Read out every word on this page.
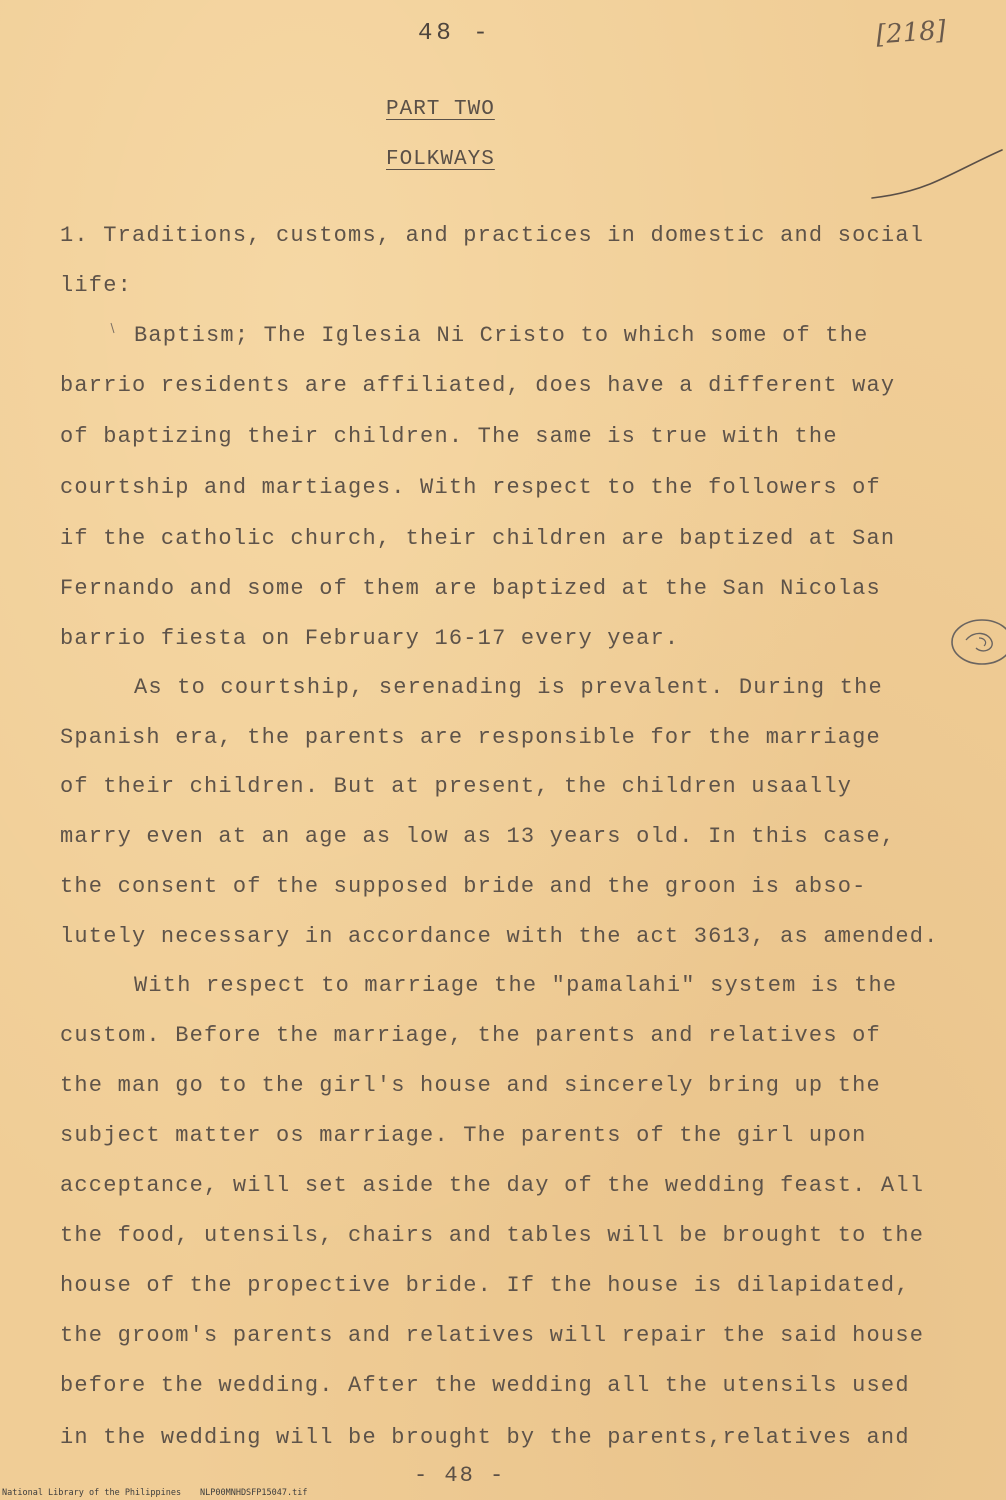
48 -	[218]
PART TWO
FOLKWAYS
1. Traditions, customs, and practices in domestic and social
life:
Baptism; The Iglesia Ni Cristo to which some of the
barrio residents are affiliated, does have a different way
of baptizing their children. The same is true with the
courtship and martiages. With respect to the followers of
if the catholic church, their children are baptized at San
Fernando and some of them are baptized at the San Nicolas
barrio fiesta on February 16-17 every year.
As to courtship, serenading is prevalent. During the
Spanish era, the parents are responsible for the marriage
of their children. But at present, the children usaally
marry even at an age as low as 13 years old. In this case,
the consent of the supposed bride and the groon is abso-
lutely necessary in accordance with the act 3613, as amended.
With respect to marriage the "pamalahi" system is the
custom. Before the marriage, the parents and relatives of
the man go to the girl's house and sincerely bring up the
subject matter os marriage. The parents of the girl upon
acceptance, will set aside the day of the wedding feast. All
the food, utensils, chairs and tables will be brought to the
house of the propective bride. If the house is dilapidated,
the groom's parents and relatives will repair the said house
before the wedding. After the wedding all the utensils used
in the wedding will be brought by the parents,relatives and
- 48 -
National Library of the Philippines NLP00MNHDSFP15047.tif
